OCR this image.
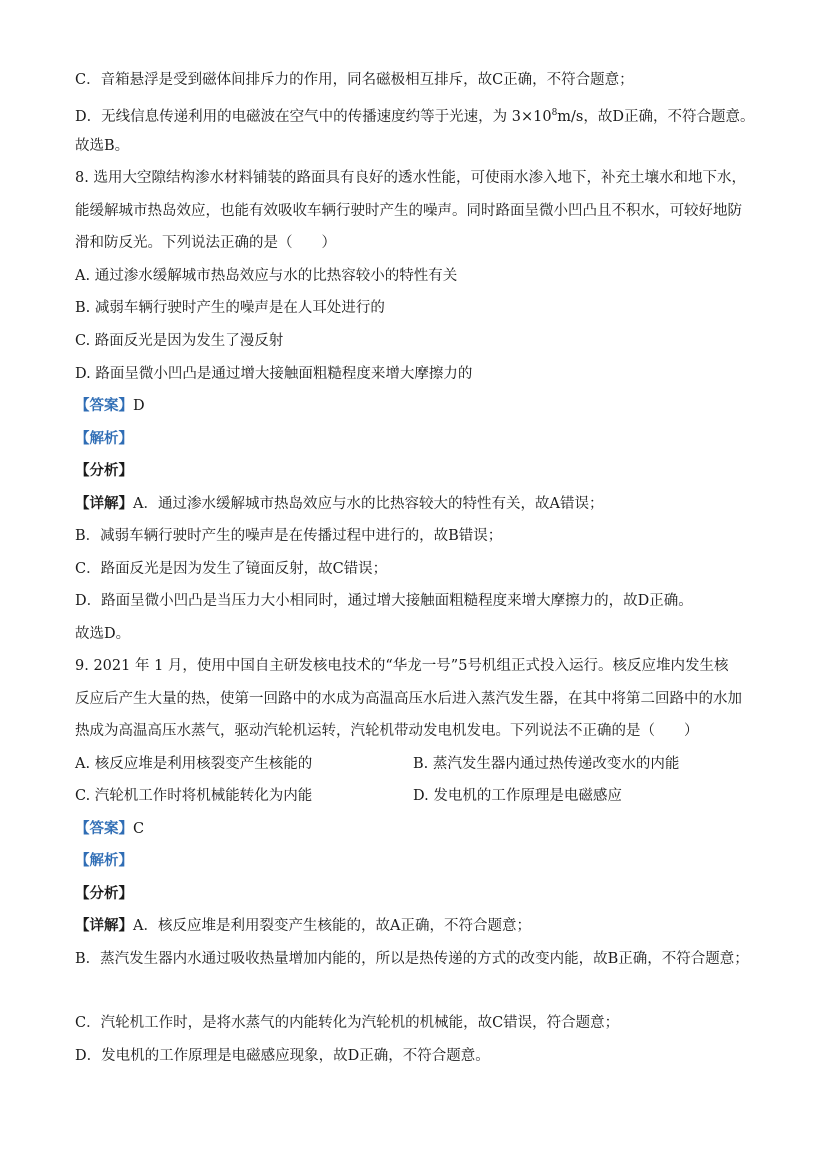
C．音箱悬浮是受到磁体间排斥力的作用，同名磁极相互排斥，故C正确，不符合题意；
D．无线信息传递利用的电磁波在空气中的传播速度约等于光速，为 $3\times 10^8m/s$，故D正确，不符合题意。
故选B。
8. 选用大空隙结构渗水材料铺装的路面具有良好的透水性能，可使雨水渗入地下，补充土壤水和地下水，
能缓解城市热岛效应，也能有效吸收车辆行驶时产生的噪声。同时路面呈微小凹凸且不积水，可较好地防
滑和防反光。下列说法正确的是（　　）
A. 通过渗水缓解城市热岛效应与水的比热容较小的特性有关
B. 减弱车辆行驶时产生的噪声是在人耳处进行的
C. 路面反光是因为发生了漫反射
D. 路面呈微小凹凸是通过增大接触面粗糙程度来增大摩擦力的
【答案】D
【解析】
【分析】
【详解】A．通过渗水缓解城市热岛效应与水的比热容较大的特性有关，故A错误；
B．减弱车辆行驶时产生的噪声是在传播过程中进行的，故B错误；
C．路面反光是因为发生了镜面反射，故C错误；
D．路面呈微小凹凸是当压力大小相同时，通过增大接触面粗糙程度来增大摩擦力的，故D正确。
故选D。
9. 2021 年 1 月，使用中国自主研发核电技术的“华龙一号”5号机组正式投入运行。核反应堆内发生核
反应后产生大量的热，使第一回路中的水成为高温高压水后进入蒸汽发生器，在其中将第二回路中的水加
热成为高温高压水蒸气，驱动汽轮机运转，汽轮机带动发电机发电。下列说法不正确的是（　　）
A. 核反应堆是利用核裂变产生核能的	B. 蒸汽发生器内通过热传递改变水的内能
C. 汽轮机工作时将机械能转化为内能	D. 发电机的工作原理是电磁感应
【答案】C
【解析】
【分析】
【详解】A．核反应堆是利用裂变产生核能的，故A正确，不符合题意；
B．蒸汽发生器内水通过吸收热量增加内能的，所以是热传递的方式的改变内能，故B正确，不符合题意；
C．汽轮机工作时，是将水蒸气的内能转化为汽轮机的机械能，故C错误，符合题意；
D．发电机的工作原理是电磁感应现象，故D正确，不符合题意。
